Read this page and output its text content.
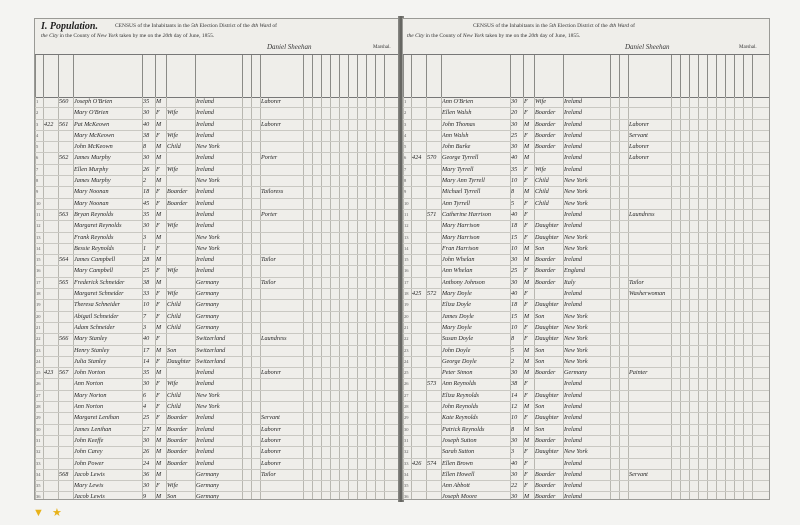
I. Population.	CENSUS of the Inhabitants in the 5th Election District of the 4th Ward of
the City in the County of New York taken by me on the 20th day of June, 1855.
Daniel Sheehan	Marshal.
1	560 Joseph O'Brien	35	M	Ireland	Laborer
2	Mary O'Brien	30	F	Wife	Ireland
3 422 561 Pat McKeown	40	M	Ireland	Laborer
4	Mary McKeown	38	F	Wife	Ireland
5	John McKeown	8	M Child	New York
6	562 James Murphy	30	M	Ireland	Porter
7	Ellen Murphy	26	F	Wife	Ireland
8	James Murphy	2	M	New York
9	Mary Noonan	18	F	Boarder	Ireland	Tailoress
10	Mary Noonan	45	F	Boarder	Ireland
11	563 Bryan Reynolds	35	M	Ireland	Porter
12	Margaret Reynolds	30	F	Wife	Ireland
13	Frank Reynolds	3	M	New York
14	Bessie Reynolds	1	F	New York
15	564 James Campbell	28	M	Ireland	Tailor
16	Mary Campbell	25	F	Wife	Ireland
17	565 Frederick Schneider	38	M	Germany	Tailor
18	Margaret Schneider	33	F	Wife	Germany
19	Theresa Schneider	10	F	Child	Germany
20	Abigail Schneider	7	F	Child	Germany
21	Adam Schneider	3	M Child	Germany
22	566 Mary Stanley	40	F	Switzerland	Laundress
23	Henry Stanley	17	M Son	Switzerland
24	Julia Stanley	14	F	Daughter Switzerland
25 423 567 John Norton	35	M	Ireland	Laborer
26	Ann Norton	30	F	Wife	Ireland
27	Mary Norton	6	F	Child	New York
28	Ann Norton	4	F	Child	New York
29	Margaret Lenihan	25	F	Boarder	Ireland	Servant
30	James Lenihan	27	M Boarder	Ireland	Laborer
31	John Keeffe	30	M Boarder	Ireland	Laborer
32	John Carey	26	M Boarder	Ireland	Laborer
33	John Power	24	M Boarder	Ireland	Laborer
34	568 Jacob Lewis	36	M	Germany	Tailor
35	Mary Lewis	30	F	Wife	Germany
36	Jacob Lewis	9	M Son	Germany
CENSUS of the Inhabitants in the 5th Election District of the 4th Ward of
the City in the County of New York taken by me on the 20th day of June, 1855.
Daniel Sheehan	Marshal.
1	Ann O'Brien	30	F	Wife	Ireland
2	Ellen Walsh	20	F	Boarder	Ireland
3	John Thomas	30	M Boarder	Ireland	Laborer
4	Ann Walsh	25	F	Boarder	Ireland	Servant
5	John Burke	30	M Boarder	Ireland	Laborer
6 424 570 George Tyrrell	40	M	Ireland	Laborer
7	Mary Tyrrell	35	F	Wife	Ireland
8	Mary Ann Tyrrell	10	F	Child	New York
9	Michael Tyrrell	8	M Child	New York
10	Ann Tyrrell	5	F	Child	New York
11	571 Catherine Harrison	40	F	Ireland	Laundress
12	Mary Harrison	18	F	Daughter Ireland
13	Mary Harrison	15	F	Daughter New York
14	Fran Harrison	10	M Son	New York
15	John Whelan	30	M Boarder	Ireland
16	Ann Whelan	25	F	Boarder	England
17	Anthony Johnson	30	M Boarder	Italy	Tailor
18 425 572 Mary Doyle	40	F	Ireland	Washerwoman
19	Eliza Doyle	18	F	Daughter Ireland
20	James Doyle	15	M Son	New York
21	Mary Doyle	10	F	Daughter New York
22	Susan Doyle	8	F	Daughter New York
23	John Doyle	5	M Son	New York
24	George Doyle	2	M Son	New York
25	Peter Simon	30	M Boarder	Germany	Painter
26	573 Ann Reynolds	38	F	Ireland
27	Eliza Reynolds	14	F	Daughter Ireland
28	John Reynolds	12	M Son	Ireland
29	Kate Reynolds	10	F	Daughter Ireland
30	Patrick Reynolds	8	M Son	Ireland
31	Joseph Sutton	30	M Boarder	Ireland
32	Sarah Sutton	3	F	Daughter New York
33 426 574 Ellen Brown	40	F	Ireland
34	Ellen Howell	30	F	Boarder	Ireland	Servant
35	Ann Abbott	22	F	Boarder	Ireland
36	Joseph Moore	30	M Boarder	Ireland
▼ ★
